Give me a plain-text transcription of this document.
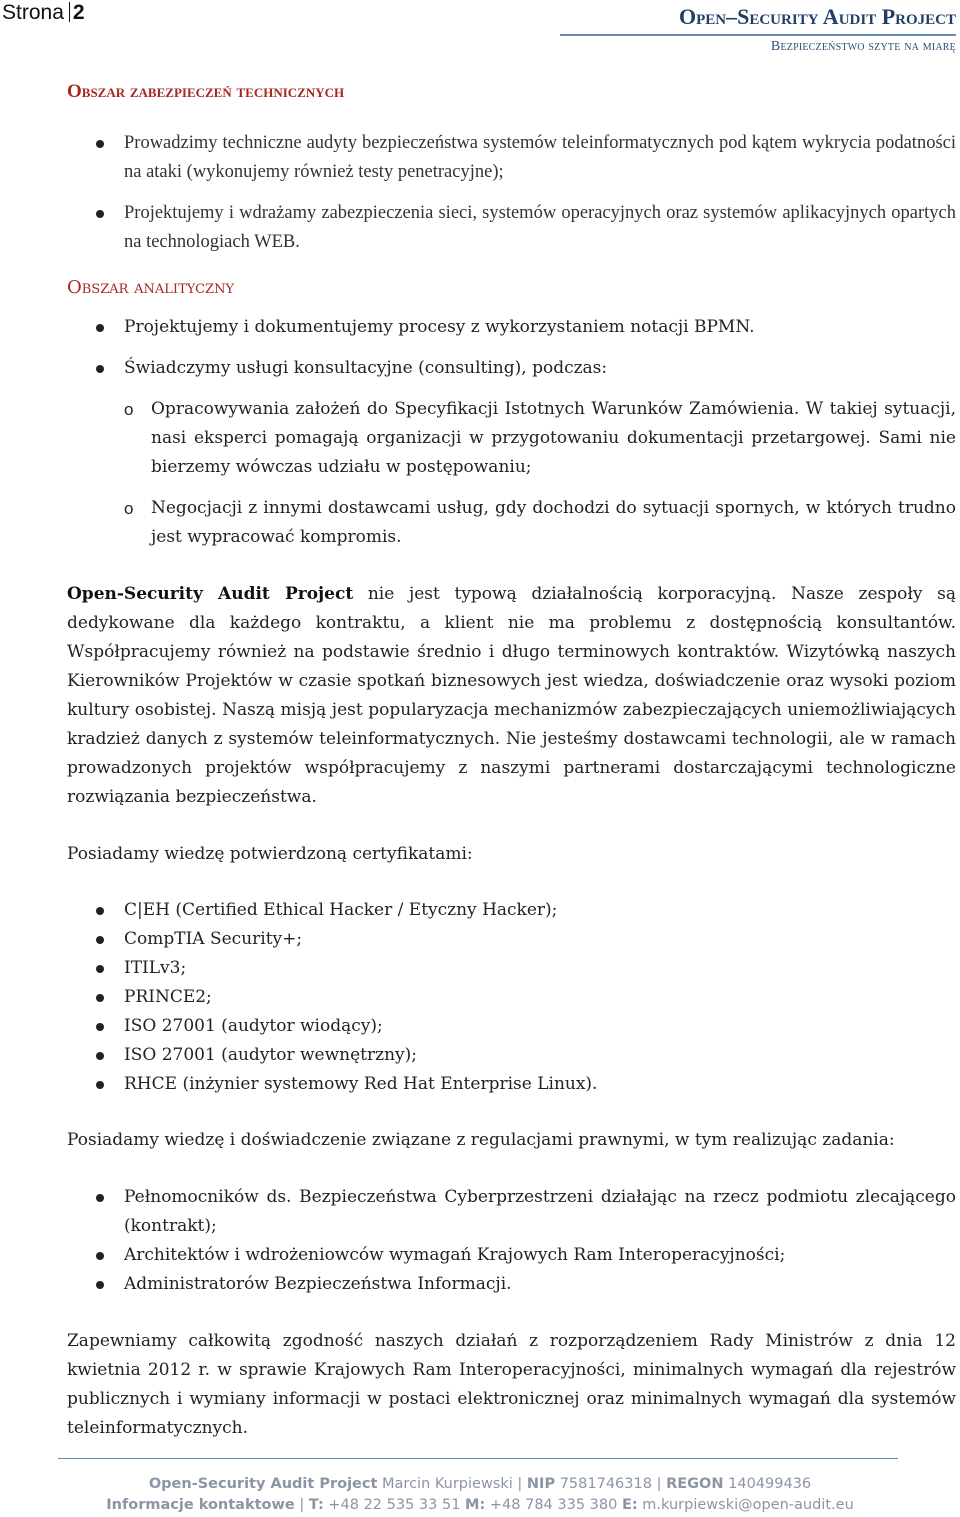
Strona 2	Open–Security Audit Project
Bezpieczeństwo szyte na miarę
Obszar zabezpieczeń technicznych
Prowadzimy techniczne audyty bezpieczeństwa systemów teleinformatycznych pod kątem wykrycia podatności na ataki (wykonujemy również testy penetracyjne);
Projektujemy i wdrażamy zabezpieczenia sieci, systemów operacyjnych oraz systemów aplikacyjnych opartych na technologiach WEB.
Obszar analityczny
Projektujemy i dokumentujemy procesy z wykorzystaniem notacji BPMN.
Świadczymy usługi konsultacyjne (consulting), podczas:
o Opracowywania założeń do Specyfikacji Istotnych Warunków Zamówienia. W takiej sytuacji, nasi eksperci pomagają organizacji w przygotowaniu dokumentacji przetargowej. Sami nie bierzemy wówczas udziału w postępowaniu;
o Negocjacji z innymi dostawcami usług, gdy dochodzi do sytuacji spornych, w których trudno jest wypracować kompromis.
Open-Security Audit Project nie jest typową działalnością korporacyjną. Nasze zespoły są dedykowane dla każdego kontraktu, a klient nie ma problemu z dostępnością konsultantów. Współpracujemy również na podstawie średnio i długo terminowych kontraktów. Wizytówką naszych Kierowników Projektów w czasie spotkań biznesowych jest wiedza, doświadczenie oraz wysoki poziom kultury osobistej. Naszą misją jest popularyzacja mechanizmów zabezpieczających uniemożliwiających kradzież danych z systemów teleinformatycznych. Nie jesteśmy dostawcami technologii, ale w ramach prowadzonych projektów współpracujemy z naszymi partnerami dostarczającymi technologiczne rozwiązania bezpieczeństwa.
Posiadamy wiedzę potwierdzoną certyfikatami:
C|EH (Certified Ethical Hacker / Etyczny Hacker);
CompTIA Security+;
ITILv3;
PRINCE2;
ISO 27001 (audytor wiodący);
ISO 27001 (audytor wewnętrzny);
RHCE (inżynier systemowy Red Hat Enterprise Linux).
Posiadamy wiedzę i doświadczenie związane z regulacjami prawnymi, w tym realizując zadania:
Pełnomocników ds. Bezpieczeństwa Cyberprzestrzeni działając na rzecz podmiotu zlecającego (kontrakt);
Architektów i wdrożeniowców wymagań Krajowych Ram Interoperacyjności;
Administratorów Bezpieczeństwa Informacji.
Zapewniamy całkowitą zgodność naszych działań z rozporządzeniem Rady Ministrów z dnia 12 kwietnia 2012 r. w sprawie Krajowych Ram Interoperacyjności, minimalnych wymagań dla rejestrów publicznych i wymiany informacji w postaci elektronicznej oraz minimalnych wymagań dla systemów teleinformatycznych.
Open-Security Audit Project Marcin Kurpiewski | NIP 7581746318 | REGON 140499436
Informacje kontaktowe | T: +48 22 535 33 51 M: +48 784 335 380 E: m.kurpiewski@open-audit.eu
